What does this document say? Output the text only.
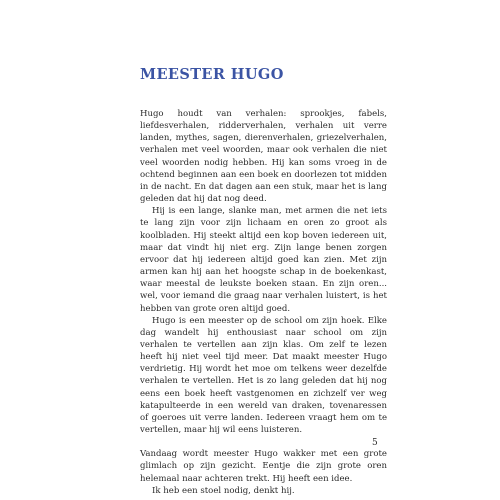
MEESTER HUGO

Hugo houdt van verhalen: sprookjes, fabels, liefdesverhalen, ridderverhalen, verhalen uit verre landen, mythes, sagen, dierenverhalen, griezelverhalen, verhalen met veel woorden, maar ook verhalen die niet veel woorden nodig hebben. Hij kan soms vroeg in de ochtend beginnen aan een boek en doorlezen tot midden in de nacht. En dat dagen aan een stuk, maar het is lang geleden dat hij dat nog deed.

Hij is een lange, slanke man, met armen die net iets te lang zijn voor zijn lichaam en oren zo groot als koolbladen. Hij steekt altijd een kop boven iedereen uit, maar dat vindt hij niet erg. Zijn lange benen zorgen ervoor dat hij iedereen altijd goed kan zien. Met zijn armen kan hij aan het hoogste schap in de boekenkast, waar meestal de leukste boeken staan. En zijn oren... wel, voor iemand die graag naar verhalen luistert, is het hebben van grote oren altijd goed.

Hugo is een meester op de school om zijn hoek. Elke dag wandelt hij enthousiast naar school om zijn verhalen te vertellen aan zijn klas. Om zelf te lezen heeft hij niet veel tijd meer. Dat maakt meester Hugo verdrietig. Hij wordt het moe om telkens weer dezelfde verhalen te vertellen. Het is zo lang geleden dat hij nog eens een boek heeft vastgenomen en zichzelf ver weg katapulteerde in een wereld van draken, tovenaressen of goeroes uit verre landen. Iedereen vraagt hem om te vertellen, maar hij wil eens luisteren.

Vandaag wordt meester Hugo wakker met een grote glimlach op zijn gezicht. Eentje die zijn grote oren helemaal naar achteren trekt. Hij heeft een idee.

Ik heb een stoel nodig, denkt hij.

5
